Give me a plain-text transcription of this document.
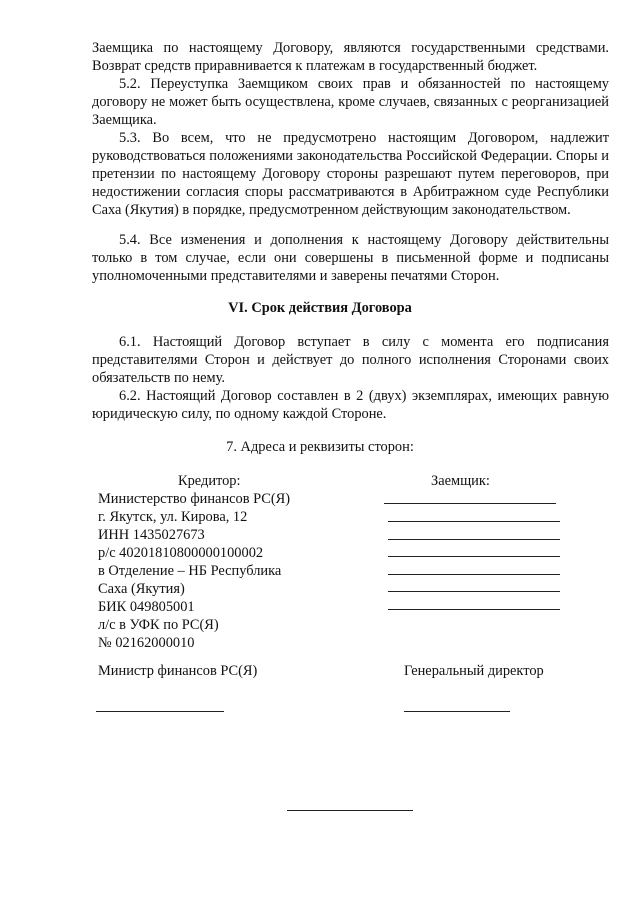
Заемщика по настоящему Договору, являются государственными средствами. Возврат средств приравнивается к платежам в государственный бюджет.

5.2. Переуступка Заемщиком своих прав и обязанностей по настоящему договору не может быть осуществлена, кроме случаев, связанных с реорганизацией Заемщика.

5.3. Во всем, что не предусмотрено настоящим Договором, надлежит руководствоваться положениями законодательства Российской Федерации. Споры и претензии по настоящему Договору стороны разрешают путем переговоров, при недостижении согласия споры рассматриваются в Арбитражном суде Республики Саха (Якутия) в порядке, предусмотренном действующим законодательством.

5.4. Все изменения и дополнения к настоящему Договору действительны только в том случае, если они совершены в письменной форме и подписаны уполномоченными представителями и заверены печатями Сторон.

VI. Срок действия Договора

6.1. Настоящий Договор вступает в силу с момента его подписания представителями Сторон и действует до полного исполнения Сторонами своих обязательств по нему.

6.2. Настоящий Договор составлен в 2 (двух) экземплярах, имеющих равную юридическую силу, по одному каждой Стороне.

7. Адреса и реквизиты сторон:

Кредитор:	Заемщик:
Министерство финансов РС(Я)
г. Якутск, ул. Кирова, 12
ИНН 1435027673
р/с 40201810800000100002
в Отделение – НБ Республика
Саха (Якутия)
БИК 049805001
л/с в УФК по РС(Я)
№ 02162000010
Министр финансов РС(Я)	Генеральный директор
